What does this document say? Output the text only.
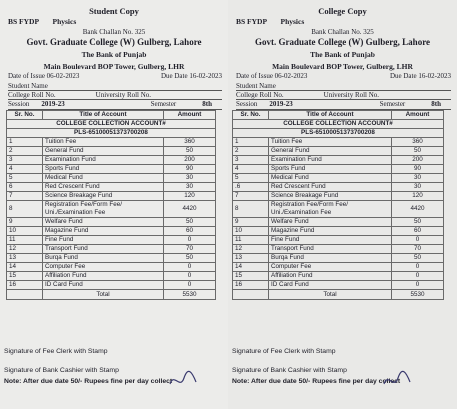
Student Copy
BS FYDP Physics
Bank Challan No. 325
Govt. Graduate College (W) Gulberg, Lahore
The Bank of Punjab
Main Boulevard BOP Tower, Gulberg, LHR
Date of Issue 06-02-2023	Due Date 16-02-2023
Student Name
College Roll No.	University Roll No.
Session 2019-23	Semester	8th
Sr. No.	Title of Account	Amount
COLLEGE COLLECTION ACCOUNT#		
PLS-65100051373700208		
1	Tuition Fee	360
2	General Fund	50
3	Examination Fund	200
4	Sports Fund	90
5	Medical Fund	30
6	Red Crescent Fund	30
7	Science Breakage Fund	120
8	Registration Fee/Form Fee/ Uni./Examination Fee	4420
9	Welfare Fund	50
10	Magazine Fund	60
11	Fine Fund	0
12	Transport Fund	70
13	Burqa Fund	50
14	Computer Fee	0
15	Affiliation Fund	0
16	ID Card Fund	0
	Total	5530
Signature of Fee Clerk with Stamp
Signature of Bank Cashier with Stamp
Note: After due date 50/- Rupees fine per day collect
College Copy
BS FYDP Physics
Bank Challan No. 325
Govt. Graduate College (W) Gulberg, Lahore
The Bank of Punjab
Main Boulevard BOP Tower, Gulberg, LHR
Date of Issue 06-02-2023	Due Date 16-02-2023
Student Name
College Roll No.	University Roll No.
Session 2019-23	Semester	8th
Sr. No.	Title of Account	Amount
COLLEGE COLLECTION ACCOUNT#		
PLS-65100051373700208		
1	Tuition Fee	360
2	General Fund	50
3	Examination Fund	200
4	Sports Fund	90
5	Medical Fund	30
.6	Red Crescent Fund	30
7	Science Breakage Fund	120
8	Registration Fee/Form Fee/ Uni./Examination Fee	4420
9	Welfare Fund	50
10	Magazine Fund	60
11	Fine Fund	0
12	Transport Fund	70
13	Burqa Fund	50
14	Computer Fee	0
15	Affiliation Fund	0
16	ID Card Fund	0
	Total	5530
Signature of Fee Clerk with Stamp
Signature of Bank Cashier with Stamp
Note: After due date 50/- Rupees fine per day collect
